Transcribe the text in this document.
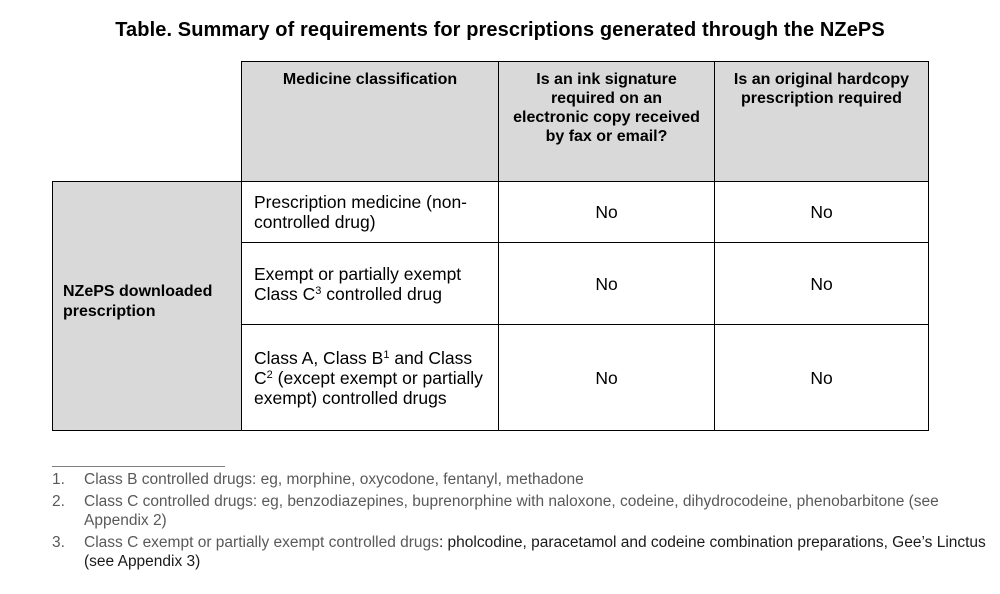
Table. Summary of requirements for prescriptions generated through the NZePS
	Medicine classification	Is an ink signature required on an electronic copy received by fax or email?	Is an original hardcopy prescription required
NZePS downloaded prescription	Prescription medicine (non-controlled drug)	No	No
	Exempt or partially exempt Class $C^3$ controlled drug	No	No
	Class A, Class $B^1$ and Class $C^2$ (except exempt or partially exempt) controlled drugs	No	No
1. Class B controlled drugs: eg, morphine, oxycodone, fentanyl, methadone
2. Class C controlled drugs: eg, benzodiazepines, buprenorphine with naloxone, codeine, dihydrocodeine, phenobarbitone (see Appendix 2)
3. Class C exempt or partially exempt controlled drugs: pholcodine, paracetamol and codeine combination preparations, Gee’s Linctus (see Appendix 3)
